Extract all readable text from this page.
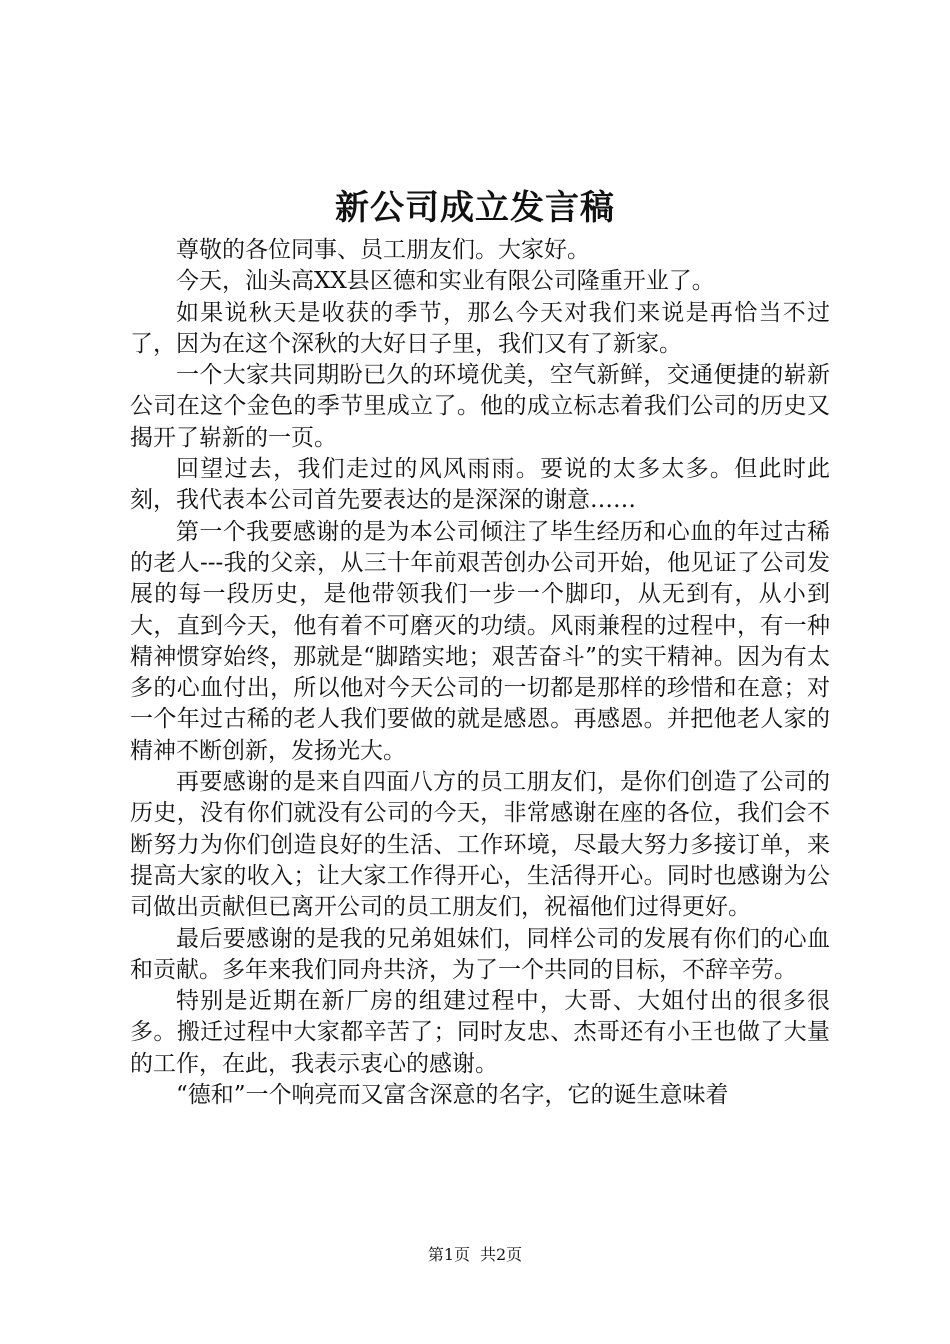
新公司成立发言稿

尊敬的各位同事、员工朋友们。大家好。

今天，汕头高XX县区德和实业有限公司隆重开业了。

如果说秋天是收获的季节，那么今天对我们来说是再恰当不过了，因为在这个深秋的大好日子里，我们又有了新家。

一个大家共同期盼已久的环境优美，空气新鲜，交通便捷的崭新公司在这个金色的季节里成立了。他的成立标志着我们公司的历史又揭开了崭新的一页。

回望过去，我们走过的风风雨雨。要说的太多太多。但此时此刻，我代表本公司首先要表达的是深深的谢意……

第一个我要感谢的是为本公司倾注了毕生经历和心血的年过古稀的老人---我的父亲，从三十年前艰苦创办公司开始，他见证了公司发展的每一段历史，是他带领我们一步一个脚印，从无到有，从小到大，直到今天，他有着不可磨灭的功绩。风雨兼程的过程中，有一种精神惯穿始终，那就是“脚踏实地；艰苦奋斗”的实干精神。因为有太多的心血付出，所以他对今天公司的一切都是那样的珍惜和在意；对一个年过古稀的老人我们要做的就是感恩。再感恩。并把他老人家的精神不断创新，发扬光大。

再要感谢的是来自四面八方的员工朋友们，是你们创造了公司的历史，没有你们就没有公司的今天，非常感谢在座的各位，我们会不断努力为你们创造良好的生活、工作环境，尽最大努力多接订单，来提高大家的收入；让大家工作得开心，生活得开心。同时也感谢为公司做出贡献但已离开公司的员工朋友们，祝福他们过得更好。

最后要感谢的是我的兄弟姐妹们，同样公司的发展有你们的心血和贡献。多年来我们同舟共济，为了一个共同的目标，不辞辛劳。

特别是近期在新厂房的组建过程中，大哥、大姐付出的很多很多。搬迁过程中大家都辛苦了；同时友忠、杰哥还有小王也做了大量的工作，在此，我表示衷心的感谢。

“德和”一个响亮而又富含深意的名字，它的诞生意味着

第1页 共2页
